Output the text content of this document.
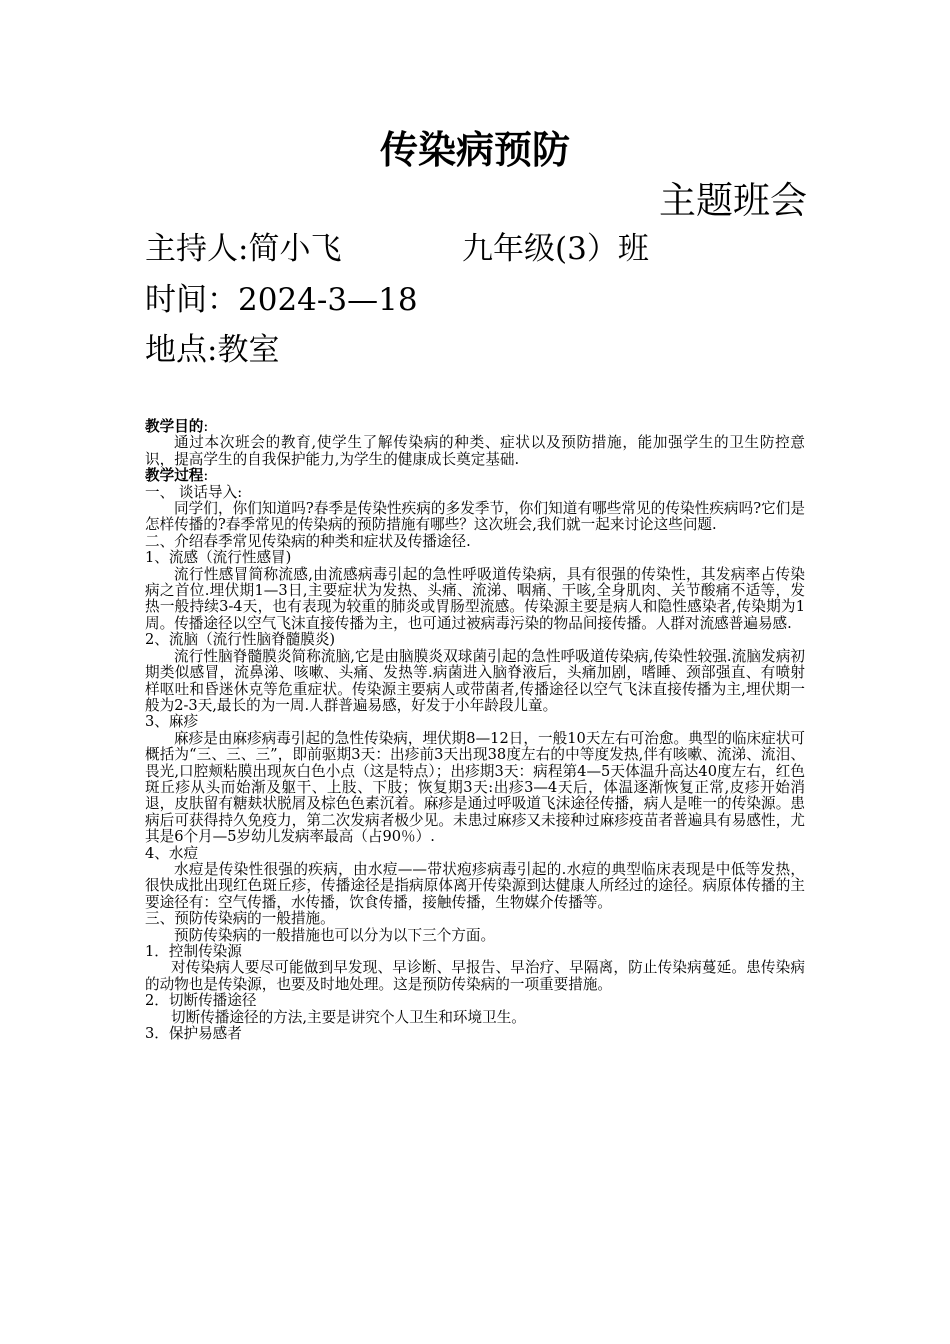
传染病预防
主题班会
主持人:简小飞	九年级(3）班
时间：2024-3—18
地点:教室

教学目的:

通过本次班会的教育,使学生了解传染病的种类、症状以及预防措施，能加强学生的卫生防控意识，提高学生的自我保护能力,为学生的健康成长奠定基础.

教学过程:

一、 谈话导入:

同学们，你们知道吗?春季是传染性疾病的多发季节，你们知道有哪些常见的传染性疾病吗?它们是怎样传播的?春季常见的传染病的预防措施有哪些？这次班会,我们就一起来讨论这些问题.

二、介绍春季常见传染病的种类和症状及传播途径.

1、流感（流行性感冒)

流行性感冒简称流感,由流感病毒引起的急性呼吸道传染病，具有很强的传染性，其发病率占传染病之首位.埋伏期1—3日,主要症状为发热、头痛、流涕、咽痛、干咳,全身肌肉、关节酸痛不适等，发热一般持续3-4天，也有表现为较重的肺炎或胃肠型流感。传染源主要是病人和隐性感染者,传染期为1周。传播途径以空气飞沫直接传播为主，也可通过被病毒污染的物品间接传播。人群对流感普遍易感.

2、流脑（流行性脑脊髓膜炎)

流行性脑脊髓膜炎简称流脑,它是由脑膜炎双球菌引起的急性呼吸道传染病,传染性较强.流脑发病初期类似感冒，流鼻涕、咳嗽、头痛、发热等.病菌进入脑脊液后，头痛加剧，嗜睡、颈部强直、有喷射样呕吐和昏迷休克等危重症状。传染源主要病人或带菌者,传播途径以空气飞沫直接传播为主,埋伏期一般为2-3天,最长的为一周.人群普遍易感，好发于小年龄段儿童。

3、麻疹

麻疹是由麻疹病毒引起的急性传染病，埋伏期8—12日，一般10天左右可治愈。典型的临床症状可概括为“三、三、三”，即前驱期3天：出疹前3天出现38度左右的中等度发热,伴有咳嗽、流涕、流泪、畏光,口腔颊粘膜出现灰白色小点（这是特点）；出疹期3天：病程第4—5天体温升高达40度左右，红色斑丘疹从头而始渐及躯干、上肢、下肢；恢复期3天:出疹3—4天后，体温逐渐恢复正常,皮疹开始消退，皮肤留有糖麸状脱屑及棕色色素沉着。麻疹是通过呼吸道飞沫途径传播，病人是唯一的传染源。患病后可获得持久免疫力，第二次发病者极少见。未患过麻疹又未接种过麻疹疫苗者普遍具有易感性，尤其是6个月—5岁幼儿发病率最高（占90％）.

4、水痘

水痘是传染性很强的疾病，由水痘——带状疱疹病毒引起的.水痘的典型临床表现是中低等发热，很快成批出现红色斑丘疹，传播途径是指病原体离开传染源到达健康人所经过的途径。病原体传播的主要途径有：空气传播，水传播，饮食传播，接触传播，生物媒介传播等。

三、预防传染病的一般措施。

预防传染病的一般措施也可以分为以下三个方面。

1．控制传染源

对传染病人要尽可能做到早发现、早诊断、早报告、早治疗、早隔离，防止传染病蔓延。患传染病的动物也是传染源，也要及时地处理。这是预防传染病的一项重要措施。

2．切断传播途径

切断传播途径的方法,主要是讲究个人卫生和环境卫生。

3．保护易感者
